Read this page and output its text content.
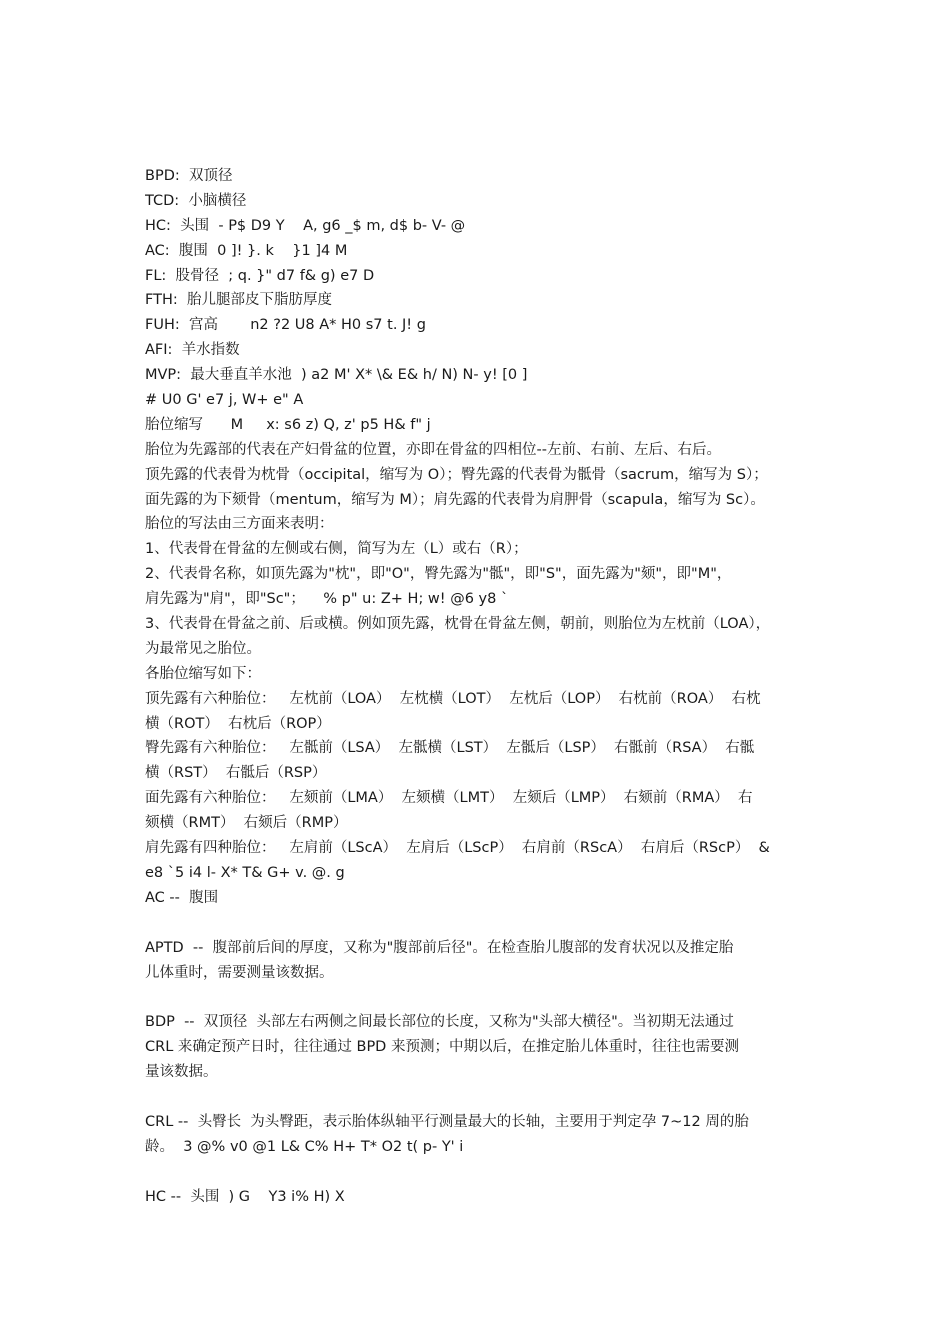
BPD:  双顶径
TCD:  小脑横径
HC:  头围  - P$ D9 Y    A, g6 _$ m, d$ b- V- @
AC:  腹围  0 ]! }. k    }1 ]4 M
FL:  股骨径  ; q. }" d7 f& g) e7 D
FTH:  胎儿腿部皮下脂肪厚度
FUH:  宫高       n2 ?2 U8 A* H0 s7 t. J! g
AFI:  羊水指数
MVP:  最大垂直羊水池  ) a2 M' X* \& E& h/ N) N- y! [0 ]
# U0 G' e7 j, W+ e" A
胎位缩写      M     x: s6 z) Q, z' p5 H& f" j
胎位为先露部的代表在产妇骨盆的位置，亦即在骨盆的四相位--左前、右前、左后、右后。
顶先露的代表骨为枕骨（occipital，缩写为 O）；臀先露的代表骨为骶骨（sacrum，缩写为 S）；
面先露的为下颏骨（mentum，缩写为 M）；肩先露的代表骨为肩胛骨（scapula，缩写为 Sc）。
胎位的写法由三方面来表明：
1、代表骨在骨盆的左侧或右侧，简写为左（L）或右（R）；
2、代表骨名称，如顶先露为"枕"，即"O"，臀先露为"骶"，即"S"，面先露为"颏"，即"M"，
肩先露为"肩"，即"Sc"；    % p" u: Z+ H; w! @6 y8 `
3、代表骨在骨盆之前、后或横。例如顶先露，枕骨在骨盆左侧，朝前，则胎位为左枕前（LOA），
为最常见之胎位。
各胎位缩写如下：
顶先露有六种胎位：   左枕前（LOA）  左枕横（LOT）  左枕后（LOP）  右枕前（ROA）  右枕
横（ROT）  右枕后（ROP）
臀先露有六种胎位：   左骶前（LSA）  左骶横（LST）  左骶后（LSP）  右骶前（RSA）  右骶
横（RST）  右骶后（RSP）
面先露有六种胎位：   左颏前（LMA）  左颏横（LMT）  左颏后（LMP）  右颏前（RMA）  右
颏横（RMT）  右颏后（RMP）
肩先露有四种胎位：   左肩前（LScA）  左肩后（LScP）  右肩前（RScA）  右肩后（RScP）  &
e8 `5 i4 l- X* T& G+ v. @. g
AC --  腹围
APTD  --  腹部前后间的厚度，又称为"腹部前后径"。在检查胎儿腹部的发育状况以及推定胎
儿体重时，需要测量该数据。
BDP  --  双顶径  头部左右两侧之间最长部位的长度，又称为"头部大横径"。当初期无法通过
CRL 来确定预产日时，往往通过 BPD 来预测；中期以后，在推定胎儿体重时，往往也需要测
量该数据。
CRL --  头臀长  为头臀距，表示胎体纵轴平行测量最大的长轴，主要用于判定孕 7~12 周的胎
龄。  3 @% v0 @1 L& C% H+ T* O2 t( p- Y' i
HC --  头围  ) G    Y3 i% H) X
